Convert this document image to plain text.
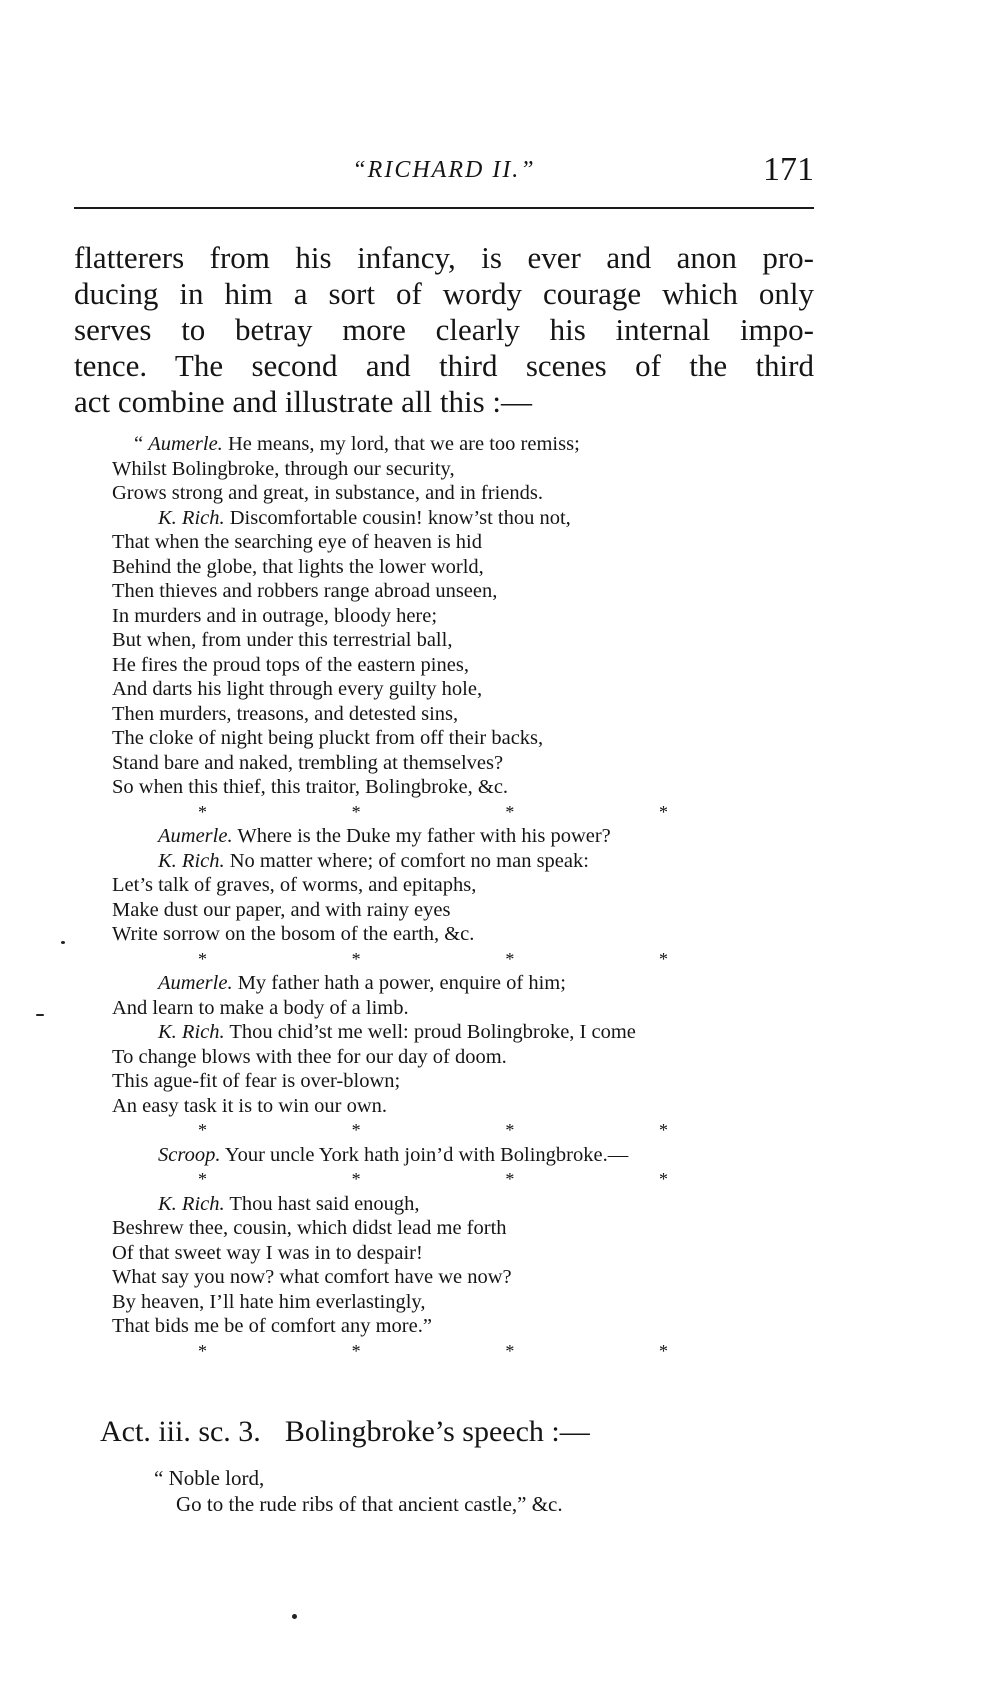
“RICHARD II.”	171
flatterers from his infancy, is ever and anon pro-
ducing in him a sort of wordy courage which only
serves to betray more clearly his internal impo-
tence. The second and third scenes of the third
act combine and illustrate all this :—
“ Aumerle. He means, my lord, that we are too remiss;
Whilst Bolingbroke, through our security,
Grows strong and great, in substance, and in friends.
K. Rich. Discomfortable cousin! know’st thou not,
That when the searching eye of heaven is hid
Behind the globe, that lights the lower world,
Then thieves and robbers range abroad unseen,
In murders and in outrage, bloody here;
But when, from under this terrestrial ball,
He fires the proud tops of the eastern pines,
And darts his light through every guilty hole,
Then murders, treasons, and detested sins,
The cloke of night being pluckt from off their backs,
Stand bare and naked, trembling at themselves?
So when this thief, this traitor, Bolingbroke, &c.
*	*	*	*
Aumerle. Where is the Duke my father with his power?
K. Rich. No matter where; of comfort no man speak:
Let’s talk of graves, of worms, and epitaphs,
Make dust our paper, and with rainy eyes
Write sorrow on the bosom of the earth, &c.
*	*	*	*
Aumerle. My father hath a power, enquire of him;
And learn to make a body of a limb.
K. Rich. Thou chid’st me well: proud Bolingbroke, I come
To change blows with thee for our day of doom.
This ague-fit of fear is over-blown;
An easy task it is to win our own.
*	*	*	*
Scroop. Your uncle York hath join’d with Bolingbroke.—
*	*	*	*
K. Rich. Thou hast said enough,
Beshrew thee, cousin, which didst lead me forth
Of that sweet way I was in to despair!
What say you now? what comfort have we now?
By heaven, I’ll hate him everlastingly,
That bids me be of comfort any more.”
*	*	*	*
Act. iii. sc. 3. Bolingbroke’s speech :—
“ Noble lord,
Go to the rude ribs of that ancient castle,” &c.
